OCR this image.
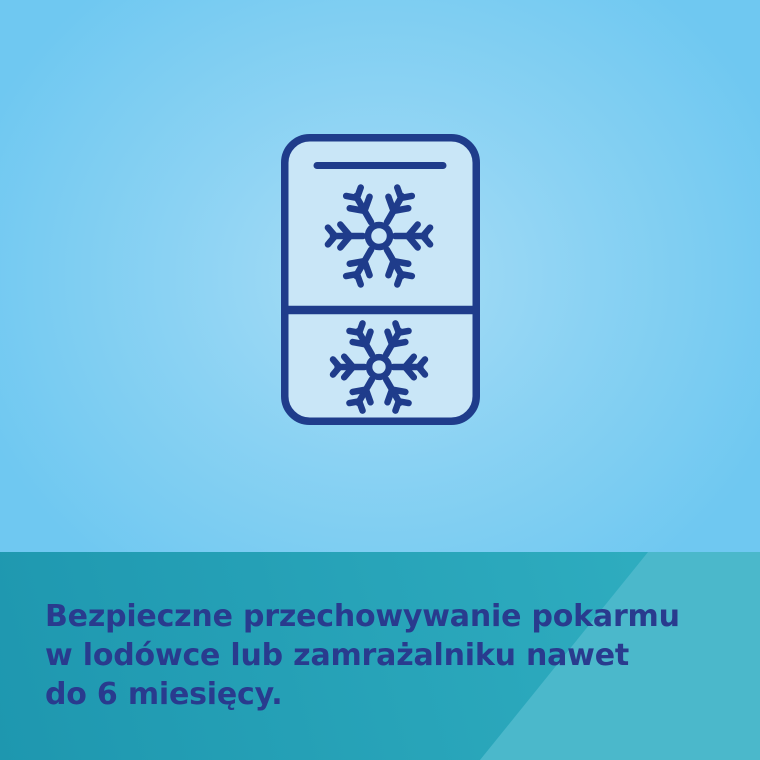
Bezpieczne przechowywanie pokarmu
w lodówce lub zamrażalniku nawet
do 6 miesięcy.
